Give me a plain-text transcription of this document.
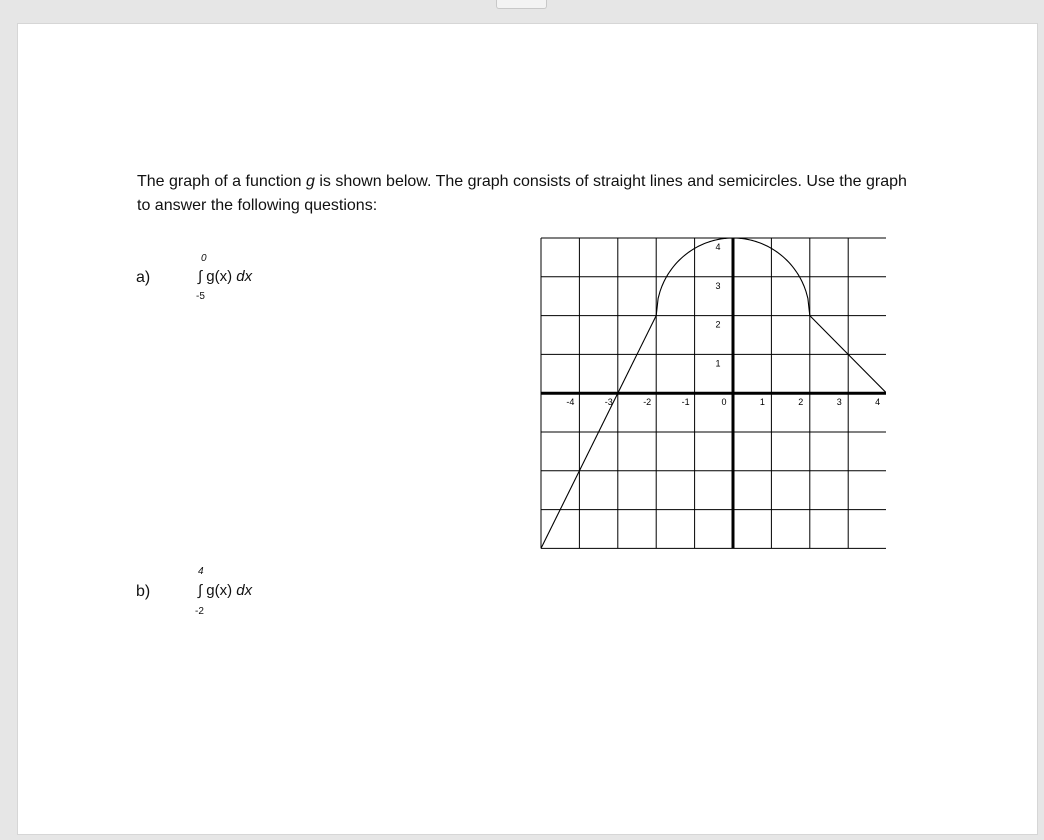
The graph of a function g is shown below. The graph consists of straight lines and semicircles. Use the graph to answer the following questions:
a)
0
∫ g(x) dx
-5
b)
4
∫ g(x) dx
-2
-4	-3	-2	-1	0	1	2	3	4
1
2
3
4
